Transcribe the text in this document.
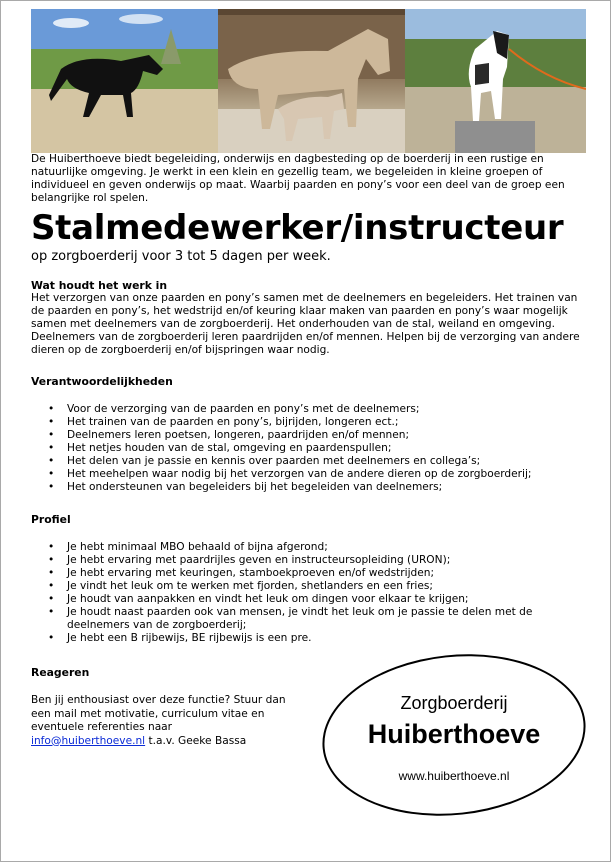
De Huiberthoeve biedt begeleiding, onderwijs en dagbesteding op de boerderij in een rustige en natuurlijke omgeving. Je werkt in een klein en gezellig team, we begeleiden in kleine groepen of individueel en geven onderwijs op maat. Waarbij paarden en pony’s voor een deel van de groep een belangrijke rol spelen.

Stalmedewerker/instructeur

op zorgboerderij voor 3 tot 5 dagen per week.

Wat houdt het werk in

Het verzorgen van onze paarden en pony’s samen met de deelnemers en begeleiders. Het trainen van de paarden en pony’s, het wedstrijd en/of keuring klaar maken van paarden en pony’s waar mogelijk samen met deelnemers van de zorgboerderij. Het onderhouden van de stal, weiland en omgeving. Deelnemers van de zorgboerderij leren paardrijden en/of mennen. Helpen bij de verzorging van andere dieren op de zorgboerderij en/of bijspringen waar nodig.

Verantwoordelijkheden
• Voor de verzorging van de paarden en pony’s met de deelnemers;
• Het trainen van de paarden en pony’s, bijrijden, longeren ect.;
• Deelnemers leren poetsen, longeren, paardrijden en/of mennen;
• Het netjes houden van de stal, omgeving en paardenspullen;
• Het delen van je passie en kennis over paarden met deelnemers en collega’s;
• Het meehelpen waar nodig bij het verzorgen van de andere dieren op de zorgboerderij;
• Het ondersteunen van begeleiders bij het begeleiden van deelnemers;
Profiel
• Je hebt minimaal MBO behaald of bijna afgerond;
• Je hebt ervaring met paardrijles geven en instructeursopleiding (URON);
• Je hebt ervaring met keuringen, stamboekproeven en/of wedstrijden;
• Je vindt het leuk om te werken met fjorden, shetlanders en een fries;
• Je houdt van aanpakken en vindt het leuk om dingen voor elkaar te krijgen;
• Je houdt naast paarden ook van mensen, je vindt het leuk om je passie te delen met de deelnemers van de zorgboerderij;
• Je hebt een B rijbewijs, BE rijbewijs is een pre.
Reageren

Ben jij enthousiast over deze functie? Stuur dan een mail met motivatie, curriculum vitae en eventuele referenties naar
info@huiberthoeve.nl t.a.v. Geeke Bassa

Zorgboerderij
Huiberthoeve
www.huiberthoeve.nl
